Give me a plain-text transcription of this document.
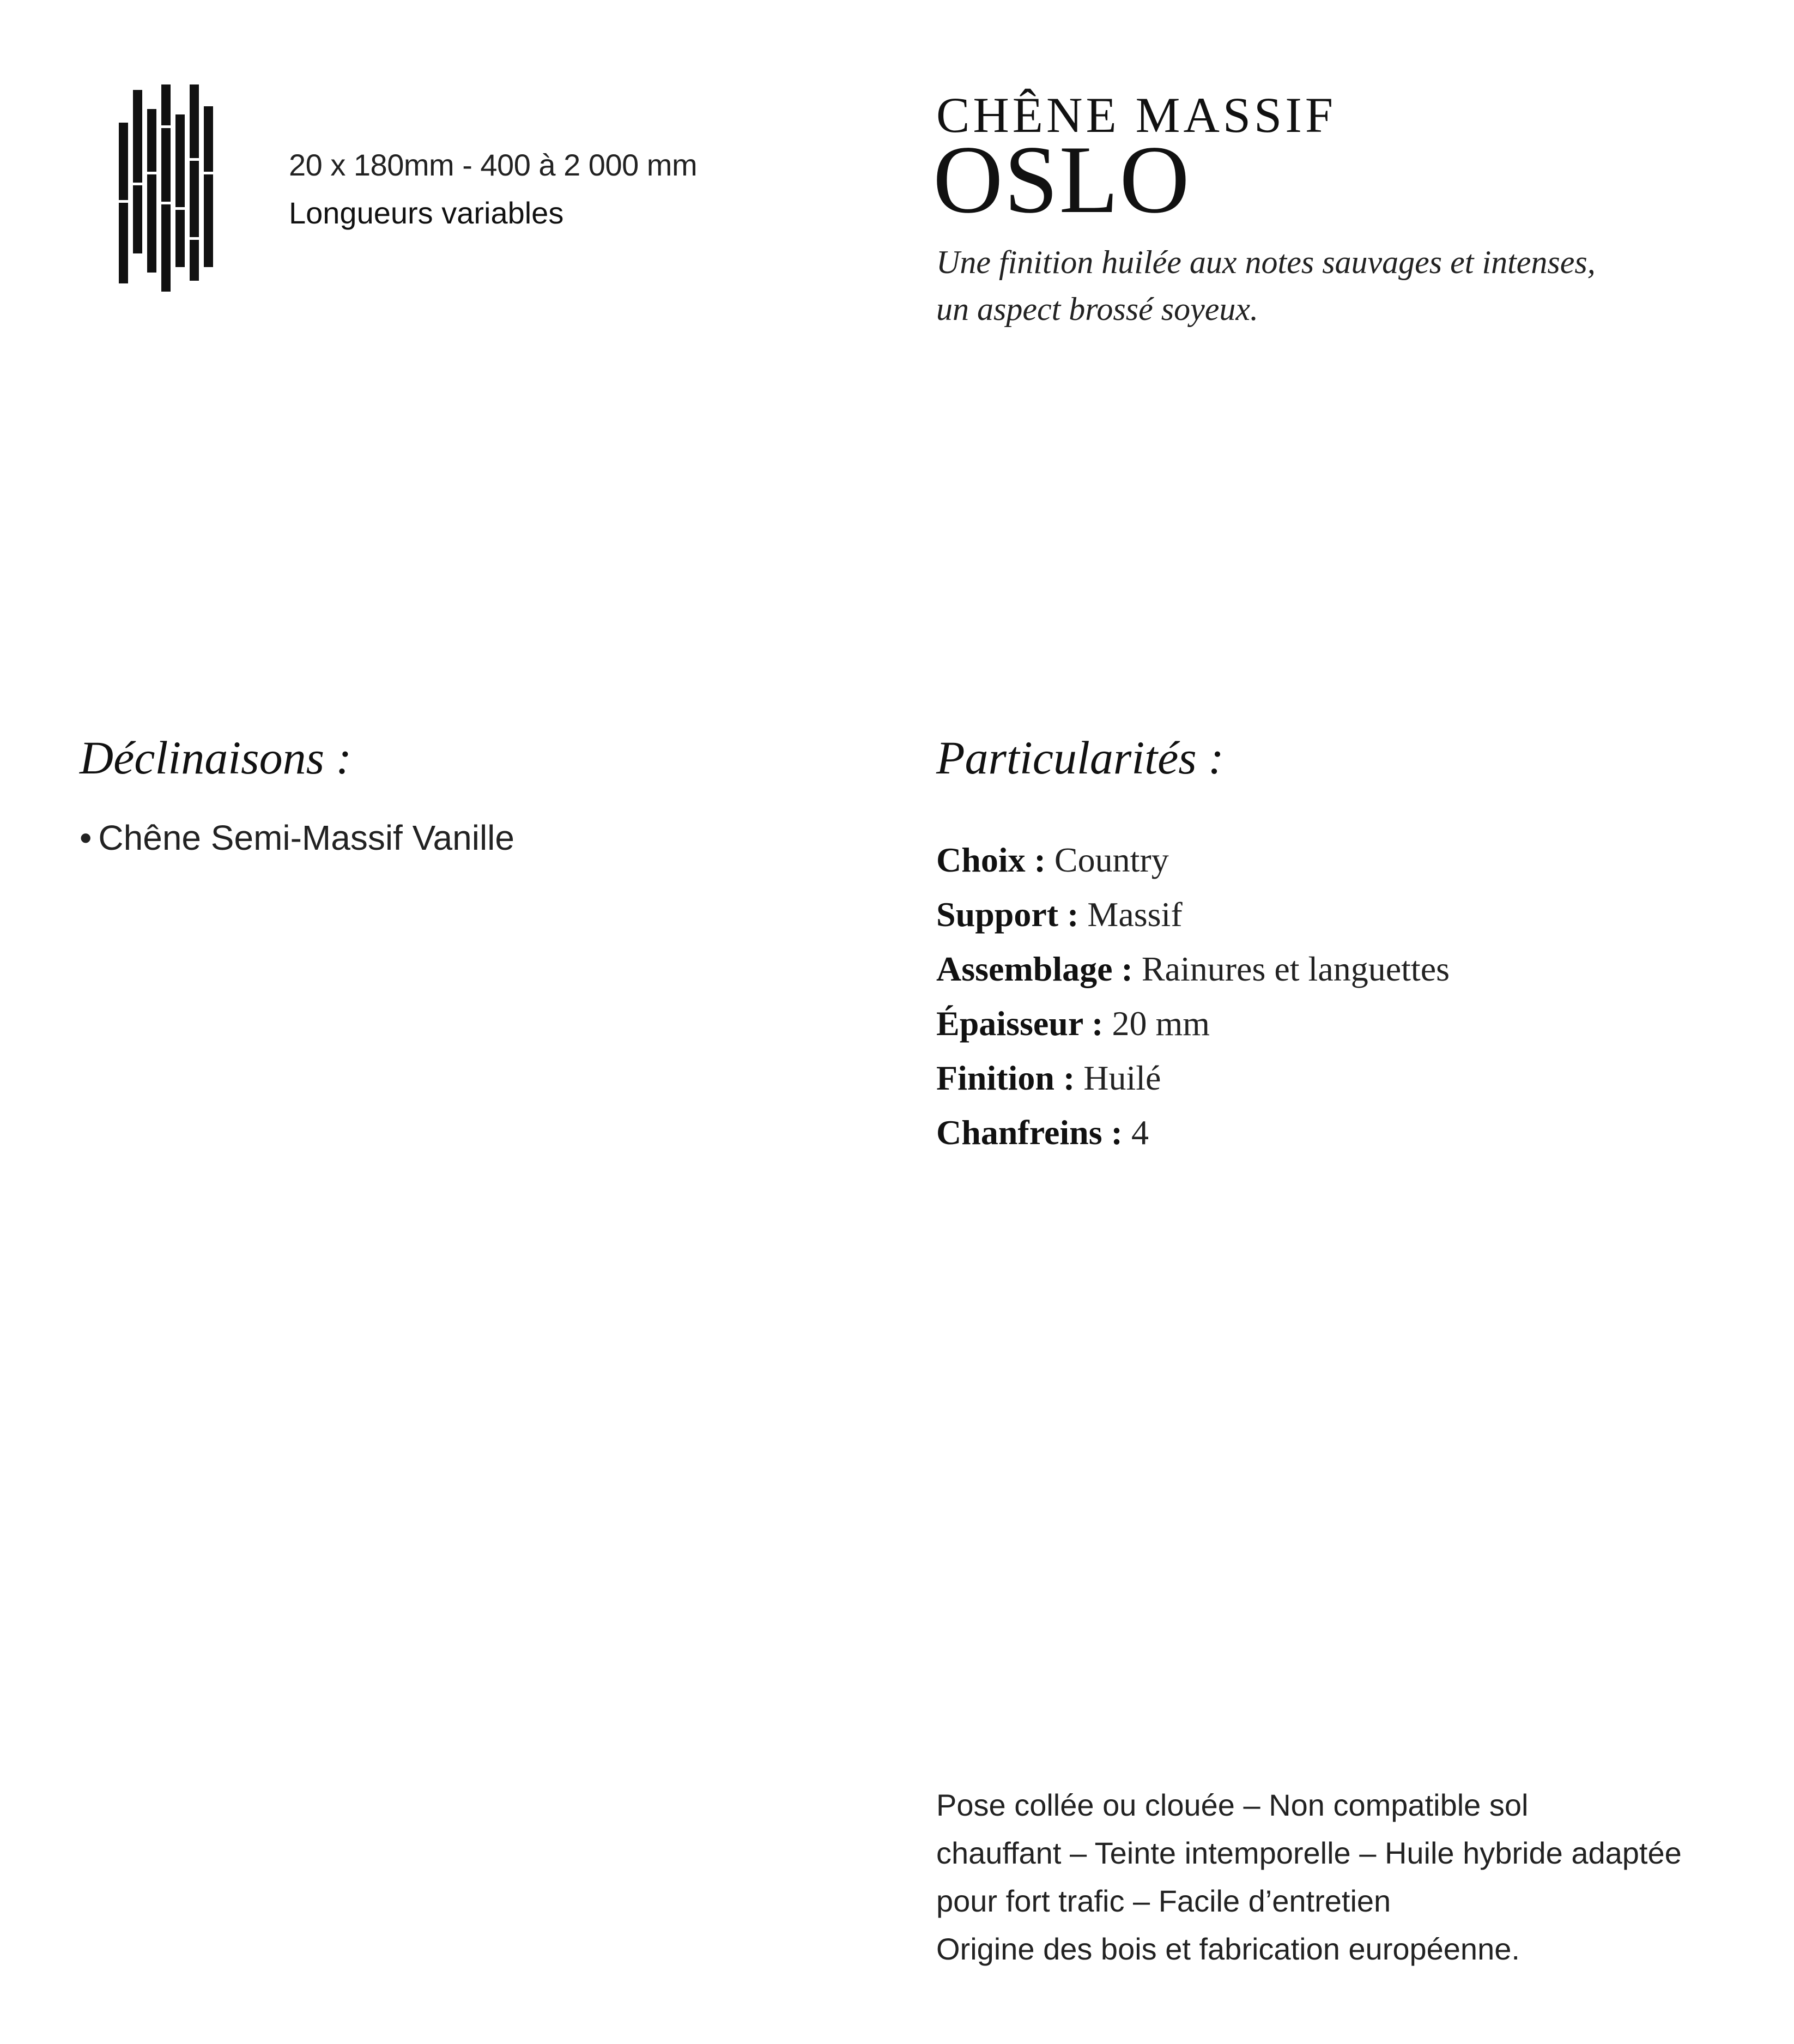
20 x 180mm - 400 à 2 000 mm
Longueurs variables
CHÊNE MASSIF
OSLO
Une finition huilée aux notes sauvages et intenses,
un aspect brossé soyeux.
Déclinaisons :
• Chêne Semi-Massif Vanille
Particularités :
Choix : Country
Support : Massif
Assemblage : Rainures et languettes
Épaisseur : 20 mm
Finition : Huilé
Chanfreins : 4
Pose collée ou clouée – Non compatible sol
chauffant – Teinte intemporelle – Huile hybride adaptée
pour fort trafic – Facile d’entretien
Origine des bois et fabrication européenne.
